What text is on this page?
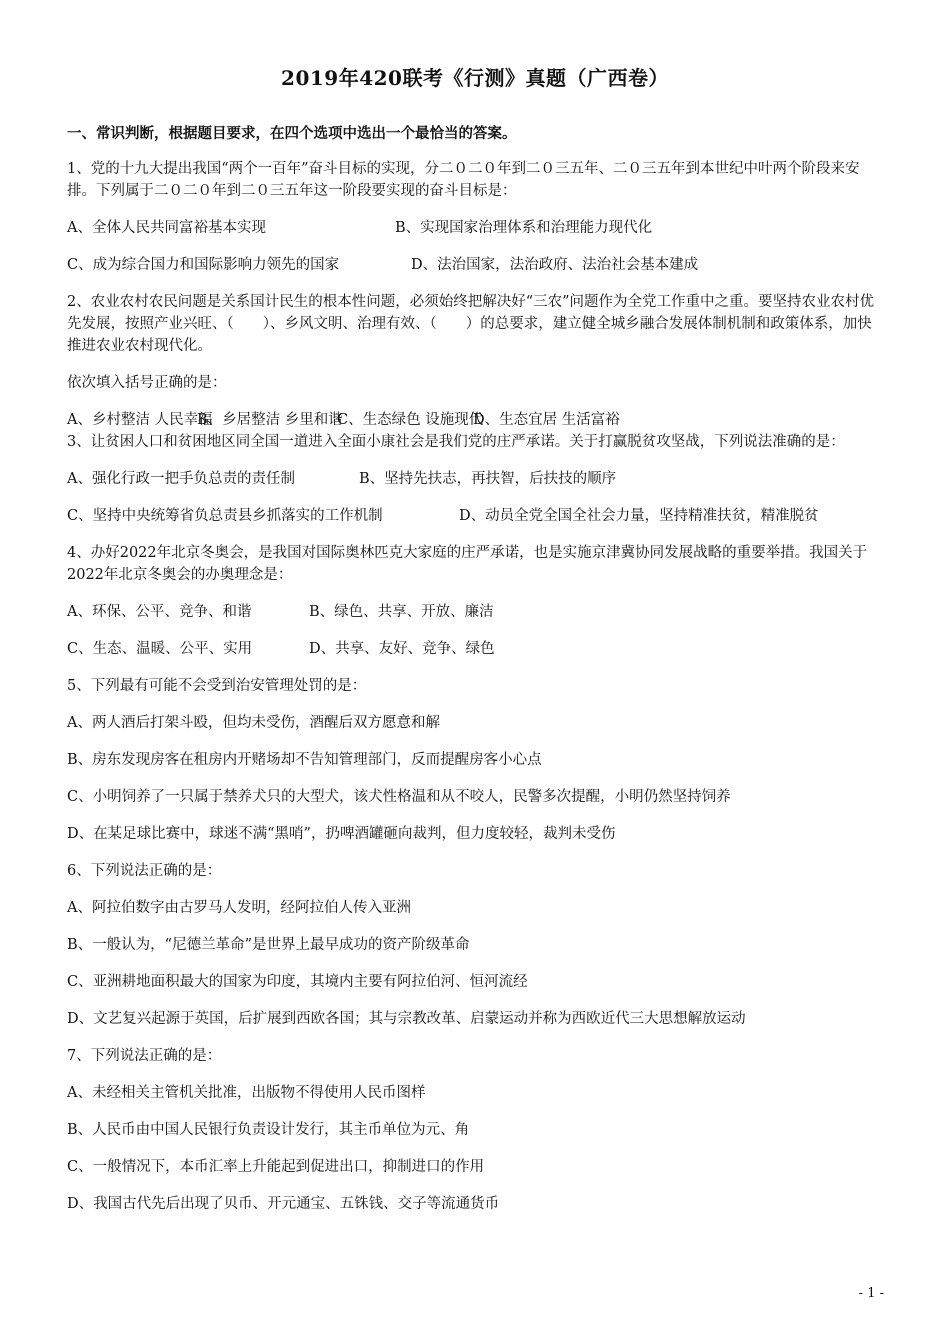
2019年420联考《行测》真题（广西卷）
一、常识判断，根据题目要求，在四个选项中选出一个最恰当的答案。
1、党的十九大提出我国“两个一百年”奋斗目标的实现，分二０二０年到二０三五年、二０三五年到本世纪中叶两个阶段来安排。下列属于二０二０年到二０三五年这一阶段要实现的奋斗目标是：
A、全体人民共同富裕基本实现	B、实现国家治理体系和治理能力现代化
C、成为综合国力和国际影响力领先的国家	D、法治国家，法治政府、法治社会基本建成
2、农业农村农民问题是关系国计民生的根本性问题，必须始终把解决好“三农”问题作为全党工作重中之重。要坚持农业农村优先发展，按照产业兴旺、（　　）、乡风文明、治理有效、（　　）的总要求，建立健全城乡融合发展体制机制和政策体系，加快推进农业农村现代化。
依次填入括号正确的是：
A、乡村整洁 人民幸福
B、乡居整洁 乡里和谐
C、生态绿色 设施现代
D、生态宜居 生活富裕
3、让贫困人口和贫困地区同全国一道进入全面小康社会是我们党的庄严承诺。关于打赢脱贫攻坚战，下列说法准确的是：
A、强化行政一把手负总责的责任制	B、坚持先扶志，再扶智，后扶技的顺序
C、坚持中央统筹省负总责县乡抓落实的工作机制	D、动员全党全国全社会力量，坚持精准扶贫，精准脱贫
4、办好2022年北京冬奥会，是我国对国际奥林匹克大家庭的庄严承诺，也是实施京津冀协同发展战略的重要举措。我国关于2022年北京冬奥会的办奥理念是：
A、环保、公平、竞争、和谐	B、绿色、共享、开放、廉洁
C、生态、温暖、公平、实用	D、共享、友好、竞争、绿色
5、下列最有可能不会受到治安管理处罚的是：
A、两人酒后打架斗殴，但均未受伤，酒醒后双方愿意和解
B、房东发现房客在租房内开赌场却不告知管理部门，反而提醒房客小心点
C、小明饲养了一只属于禁养犬只的大型犬，该犬性格温和从不咬人，民警多次提醒，小明仍然坚持饲养
D、在某足球比赛中，球迷不满“黑哨”，扔啤酒罐砸向裁判，但力度较轻，裁判未受伤
6、下列说法正确的是：
A、阿拉伯数字由古罗马人发明，经阿拉伯人传入亚洲
B、一般认为，“尼德兰革命”是世界上最早成功的资产阶级革命
C、亚洲耕地面积最大的国家为印度，其境内主要有阿拉伯河、恒河流经
D、文艺复兴起源于英国，后扩展到西欧各国；其与宗教改革、启蒙运动并称为西欧近代三大思想解放运动
7、下列说法正确的是：
A、未经相关主管机关批准，出版物不得使用人民币图样
B、人民币由中国人民银行负责设计发行，其主币单位为元、角
C、一般情况下，本币汇率上升能起到促进出口，抑制进口的作用
D、我国古代先后出现了贝币、开元通宝、五铢钱、交子等流通货币
- 1 -
